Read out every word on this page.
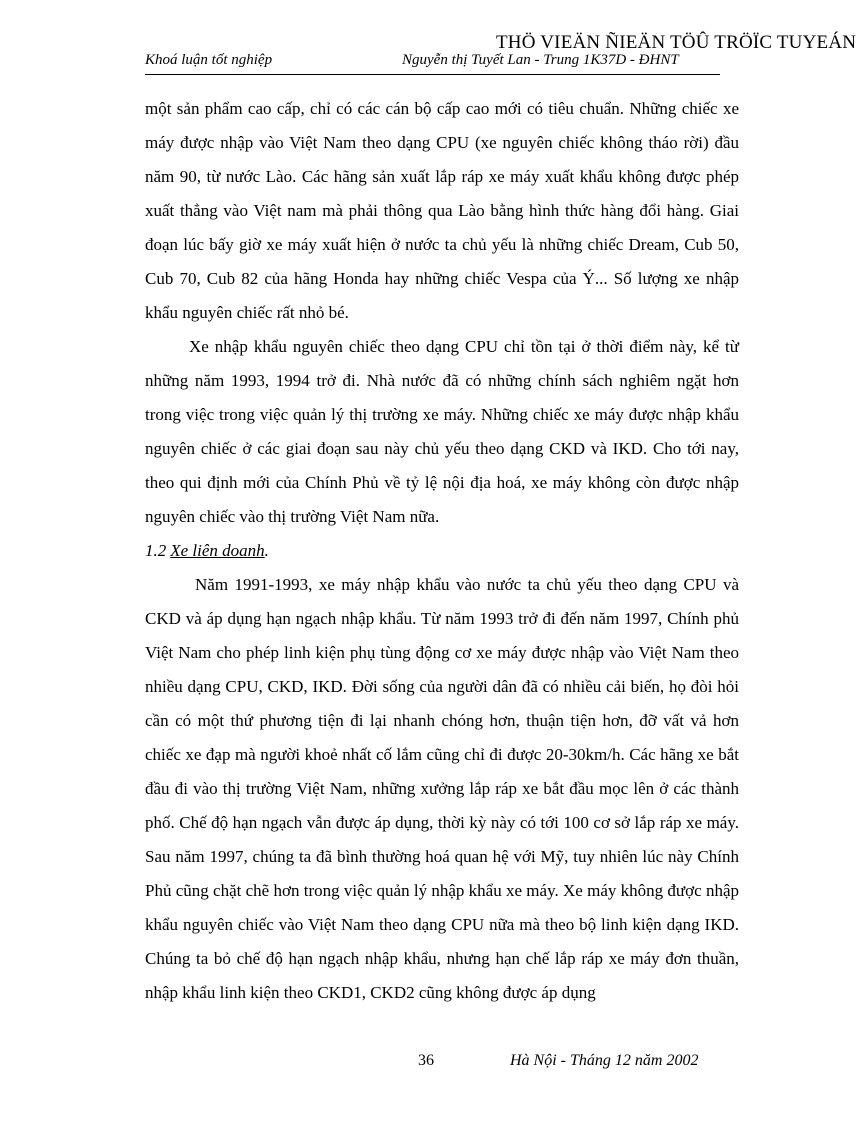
THÖ VIEÄN ÑIEÄN TÖÛ TRÖÏC TUYEÁN
Khoá luận tốt nghiệp	Nguyễn thị Tuyết Lan - Trung 1K37D - ĐHNT

một sản phẩm cao cấp, chỉ có các cán bộ cấp cao mới có tiêu chuẩn. Những chiếc xe máy được nhập vào Việt Nam theo dạng CPU (xe nguyên chiếc không tháo rời) đầu năm 90, từ nước Lào. Các hãng sản xuất lắp ráp xe máy xuất khẩu không được phép xuất thẳng vào Việt nam mà phải thông qua Lào bằng hình thức hàng đổi hàng. Giai đoạn lúc bấy giờ xe máy xuất hiện ở nước ta chủ yếu là những chiếc Dream, Cub 50, Cub 70, Cub 82 của hãng Honda hay những chiếc Vespa của Ý... Số lượng xe nhập khẩu nguyên chiếc rất nhỏ bé.

Xe nhập khẩu nguyên chiếc theo dạng CPU chỉ tồn tại ở thời điểm này, kể từ những năm 1993, 1994 trở đi. Nhà nước đã có những chính sách nghiêm ngặt hơn trong việc trong việc quản lý thị trường xe máy. Những chiếc xe máy được nhập khẩu nguyên chiếc ở các giai đoạn sau này chủ yếu theo dạng CKD và IKD. Cho tới nay, theo qui định mới của Chính Phủ về tỷ lệ nội địa hoá, xe máy không còn được nhập nguyên chiếc vào thị trường Việt Nam nữa.

1.2 Xe liên doanh.

Năm 1991-1993, xe máy nhập khẩu vào nước ta chủ yếu theo dạng CPU và CKD và áp dụng hạn ngạch nhập khẩu. Từ năm 1993 trở đi đến năm 1997, Chính phủ Việt Nam cho phép linh kiện phụ tùng động cơ xe máy được nhập vào Việt Nam theo nhiều dạng CPU, CKD, IKD. Đời sống của người dân đã có nhiều cải biến, họ đòi hỏi cần có một thứ phương tiện đi lại nhanh chóng hơn, thuận tiện hơn, đỡ vất vả hơn chiếc xe đạp mà người khoẻ nhất cố lắm cũng chỉ đi được 20-30km/h. Các hãng xe bắt đầu đi vào thị trường Việt Nam, những xưởng lắp ráp xe bắt đầu mọc lên ở các thành phố. Chế độ hạn ngạch vẫn được áp dụng, thời kỳ này có tới 100 cơ sở lắp ráp xe máy. Sau năm 1997, chúng ta đã bình thường hoá quan hệ với Mỹ, tuy nhiên lúc này Chính Phủ cũng chặt chẽ hơn trong việc quản lý nhập khẩu xe máy. Xe máy không được nhập khẩu nguyên chiếc vào Việt Nam theo dạng CPU nữa mà theo bộ linh kiện dạng IKD. Chúng ta bỏ chế độ hạn ngạch nhập khẩu, nhưng hạn chế lắp ráp xe máy đơn thuần, nhập khẩu linh kiện theo CKD1, CKD2 cũng không được áp dụng

36	Hà Nội - Tháng 12 năm 2002
